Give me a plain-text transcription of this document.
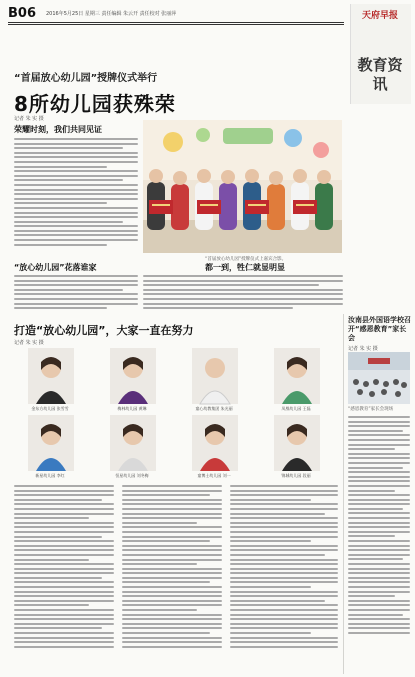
B06 2016年5月25日 星期三 责任编辑 朱云开 责任校对 张丽萍	天府早报
教育资讯
“首届放心幼儿园”授牌仪式举行
8所幼儿园获殊荣
记者 朱 实 摄
荣耀时刻，我们共同见证
“首届放心幼儿园”授牌仪式上嘉宾合影。
都一到，牲仁就显明显
“放心幼儿园”花落谁家
打造“放心幼儿园”，大家一直在努力
记者 朱 实 摄
金东方幼儿园 张雪雪	梅林幼儿园 黄琳	童心幼教集团 朱光丽	凤凰幼儿园 王磊
新星幼儿园 李红	恒星幼儿园 刘冬梅	童博士幼儿园 刘一	锦城幼儿园 段丽
汝南县外国语学校召开“感恩教育”家长会
记者 朱 实 摄
“感恩教育”家长会现场
